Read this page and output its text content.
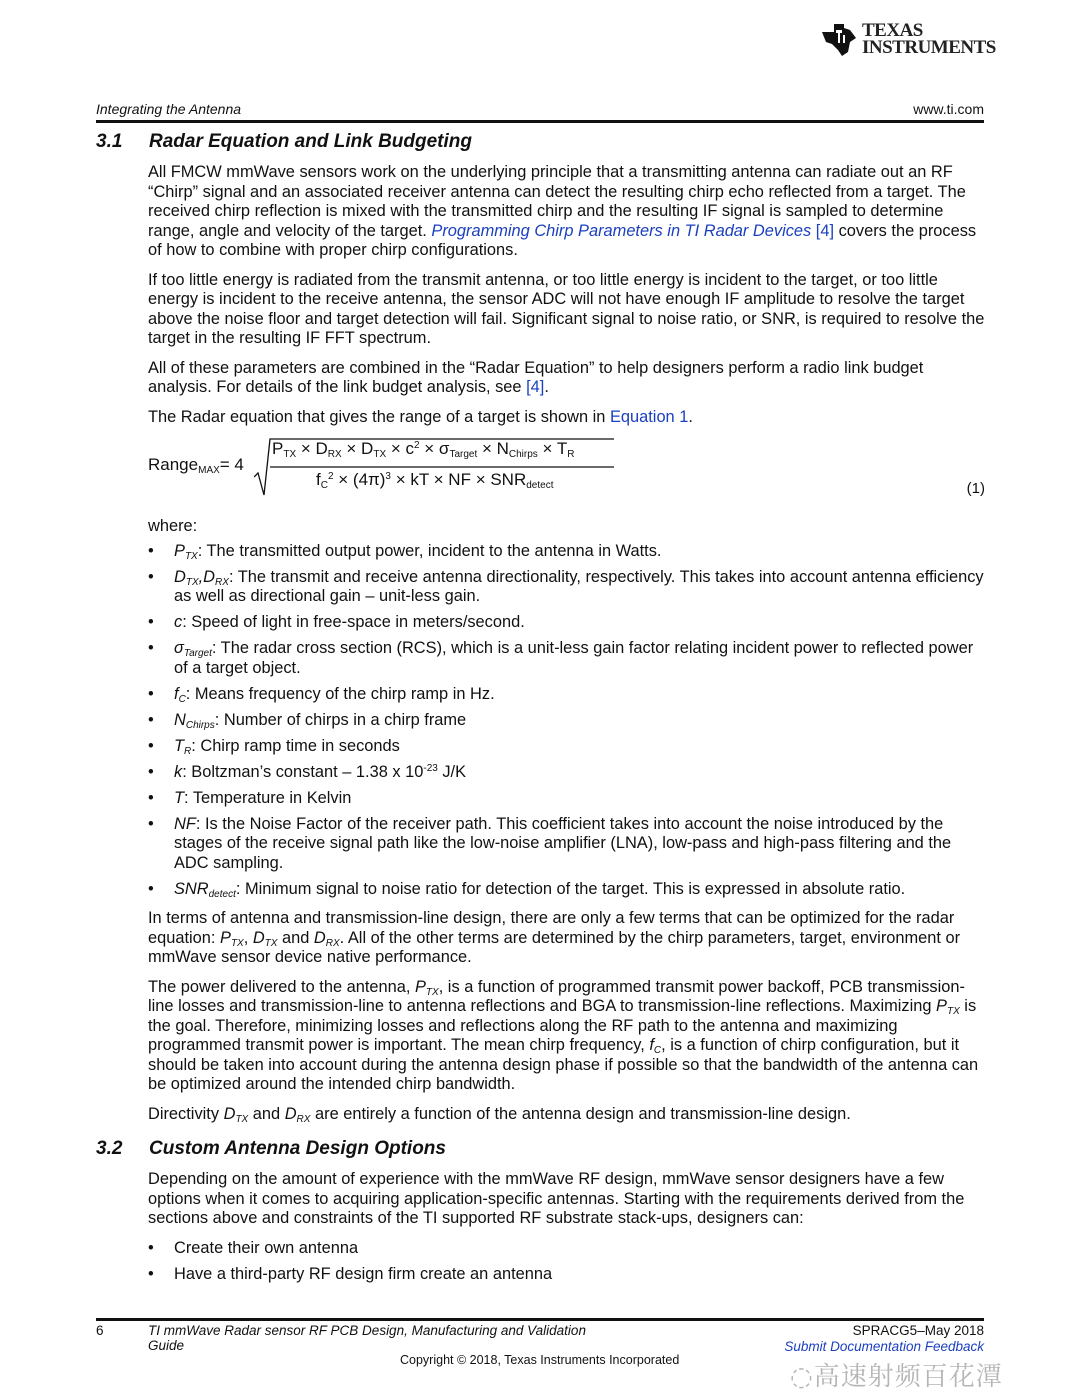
TEXAS
INSTRUMENTS
Integrating the Antenna	www.ti.com
3.1 Radar Equation and Link Budgeting

All FMCW mmWave sensors work on the underlying principle that a transmitting antenna can radiate out an RF “Chirp” signal and an associated receiver antenna can detect the resulting chirp echo reflected from a target. The received chirp reflection is mixed with the transmitted chirp and the resulting IF signal is sampled to determine range, angle and velocity of the target. Programming Chirp Parameters in TI Radar Devices [4] covers the process of how to combine with proper chirp configurations.

If too little energy is radiated from the transmit antenna, or too little energy is incident to the target, or too little energy is incident to the receive antenna, the sensor ADC will not have enough IF amplitude to resolve the target above the noise floor and target detection will fail. Significant signal to noise ratio, or SNR, is required to resolve the target in the resulting IF FFT spectrum.

All of these parameters are combined in the “Radar Equation” to help designers perform a radio link budget analysis. For details of the link budget analysis, see [4].

The Radar equation that gives the range of a target is shown in Equation 1.

Range$_{MAX}$= 4
$P_{TX} \times D_{RX} \times D_{TX} \times c^2 \times \sigma_{Target} \times N_{Chirps} \times T_R$
$f_C^2 \times (4\pi)^3$ × kT × NF × $SNR_{detect}$	(1)

where:

• PTX: The transmitted output power, incident to the antenna in Watts.
• DTX,DRX: The transmit and receive antenna directionality, respectively. This takes into account antenna efficiency as well as directional gain – unit-less gain.
• c: Speed of light in free-space in meters/second.
• σTarget: The radar cross section (RCS), which is a unit-less gain factor relating incident power to reflected power of a target object.
• fC: Means frequency of the chirp ramp in Hz.
• NChirps: Number of chirps in a chirp frame
• TR: Chirp ramp time in seconds
• k: Boltzman’s constant – 1.38 x $10^{-23}$ J/K
• T: Temperature in Kelvin
• NF: Is the Noise Factor of the receiver path. This coefficient takes into account the noise introduced by the stages of the receive signal path like the low-noise amplifier (LNA), low-pass and high-pass filtering and the ADC sampling.
• SNRdetect: Minimum signal to noise ratio for detection of the target. This is expressed in absolute ratio.

In terms of antenna and transmission-line design, there are only a few terms that can be optimized for the radar equation: PTX, DTX and DRX. All of the other terms are determined by the chirp parameters, target, environment or mmWave sensor device native performance.

The power delivered to the antenna, PTX, is a function of programmed transmit power backoff, PCB transmission-line losses and transmission-line to antenna reflections and BGA to transmission-line reflections. Maximizing PTX is the goal. Therefore, minimizing losses and reflections along the RF path to the antenna and maximizing programmed transmit power is important. The mean chirp frequency, fC, is a function of chirp configuration, but it should be taken into account during the antenna design phase if possible so that the bandwidth of the antenna can be optimized around the intended chirp bandwidth.

Directivity DTX and DRX are entirely a function of the antenna design and transmission-line design.

3.2 Custom Antenna Design Options

Depending on the amount of experience with the mmWave RF design, mmWave sensor designers have a few options when it comes to acquiring application-specific antennas. Starting with the requirements derived from the sections above and constraints of the TI supported RF substrate stack-ups, designers can:

• Create their own antenna
• Have a third-party RF design firm create an antenna
6	TI mmWave Radar sensor RF PCB Design, Manufacturing and Validation
Guide
SPRACG5–May 2018
Submit Documentation Feedback
Copyright © 2018, Texas Instruments Incorporated
◌高速射频百花潭
